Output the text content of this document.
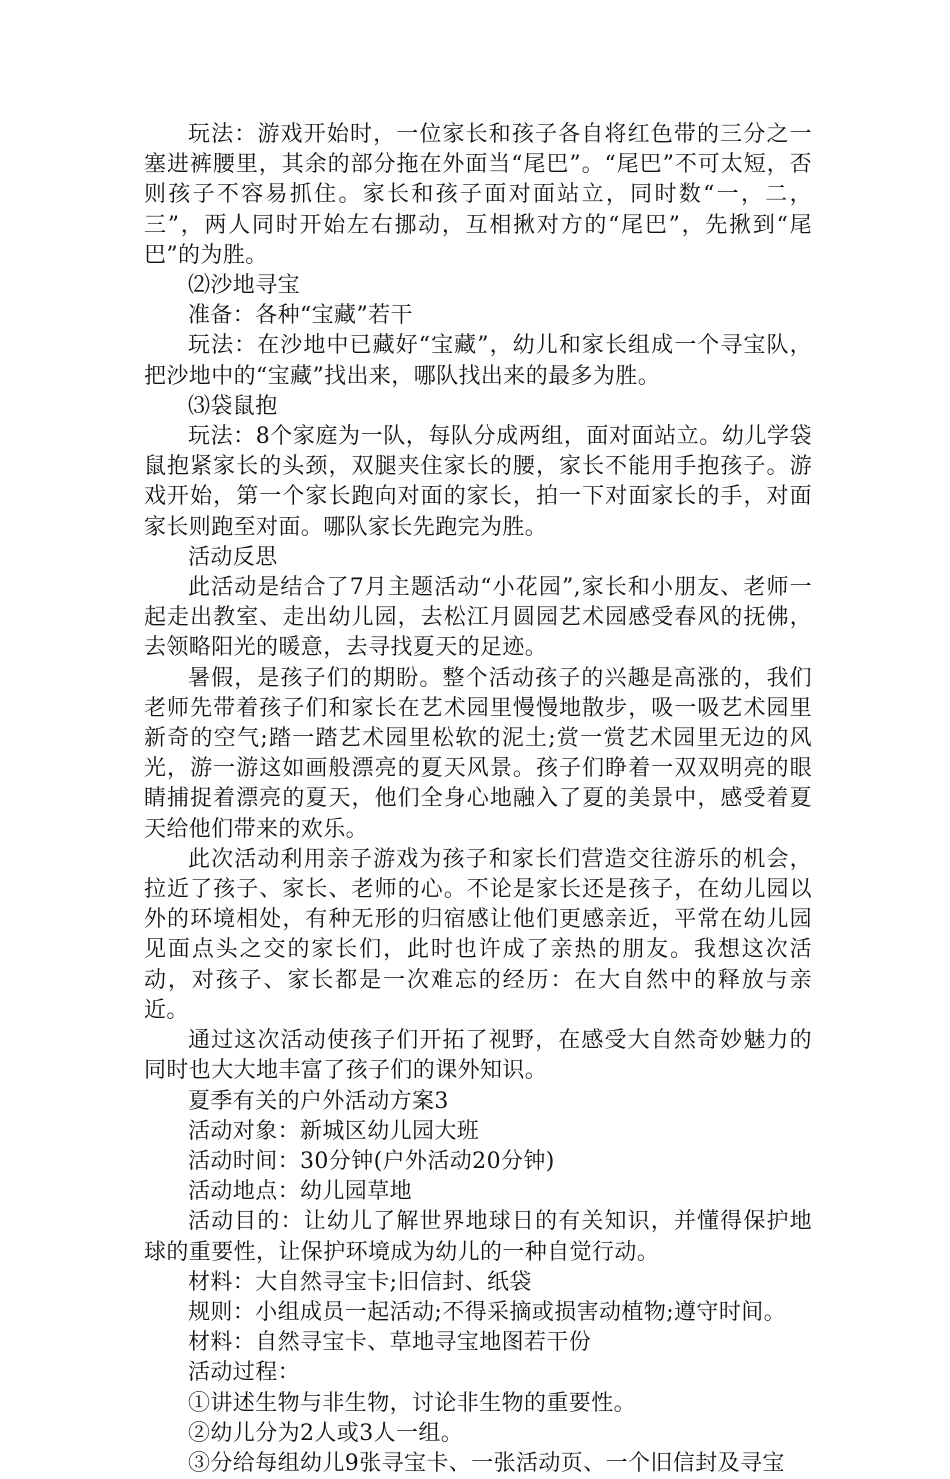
玩法：游戏开始时，一位家长和孩子各自将红色带的三分之一塞进裤腰里，其余的部分拖在外面当“尾巴”。“尾巴”不可太短，否则孩子不容易抓住。家长和孩子面对面站立，同时数“一，二，三”，两人同时开始左右挪动，互相揪对方的“尾巴”，先揪到“尾巴”的为胜。

⑵沙地寻宝

准备：各种“宝藏”若干

玩法：在沙地中已藏好“宝藏”，幼儿和家长组成一个寻宝队，把沙地中的“宝藏”找出来，哪队找出来的最多为胜。

⑶袋鼠抱

玩法：8个家庭为一队，每队分成两组，面对面站立。幼儿学袋鼠抱紧家长的头颈，双腿夹住家长的腰，家长不能用手抱孩子。游戏开始，第一个家长跑向对面的家长，拍一下对面家长的手，对面家长则跑至对面。哪队家长先跑完为胜。

活动反思

此活动是结合了7月主题活动“小花园”,家长和小朋友、老师一起走出教室、走出幼儿园，去松江月圆园艺术园感受春风的抚佛，去领略阳光的暖意，去寻找夏天的足迹。

暑假，是孩子们的期盼。整个活动孩子的兴趣是高涨的，我们老师先带着孩子们和家长在艺术园里慢慢地散步，吸一吸艺术园里新奇的空气;踏一踏艺术园里松软的泥土;赏一赏艺术园里无边的风光，游一游这如画般漂亮的夏天风景。孩子们睁着一双双明亮的眼睛捕捉着漂亮的夏天，他们全身心地融入了夏的美景中，感受着夏天给他们带来的欢乐。

此次活动利用亲子游戏为孩子和家长们营造交往游乐的机会，拉近了孩子、家长、老师的心。不论是家长还是孩子，在幼儿园以外的环境相处，有种无形的归宿感让他们更感亲近，平常在幼儿园见面点头之交的家长们，此时也许成了亲热的朋友。我想这次活动，对孩子、家长都是一次难忘的经历：在大自然中的释放与亲近。

通过这次活动使孩子们开拓了视野，在感受大自然奇妙魅力的同时也大大地丰富了孩子们的课外知识。

夏季有关的户外活动方案3

活动对象：新城区幼儿园大班

活动时间：30分钟(户外活动20分钟)

活动地点：幼儿园草地

活动目的：让幼儿了解世界地球日的有关知识，并懂得保护地球的重要性，让保护环境成为幼儿的一种自觉行动。

材料：大自然寻宝卡;旧信封、纸袋

规则：小组成员一起活动;不得采摘或损害动植物;遵守时间。

材料：自然寻宝卡、草地寻宝地图若干份

活动过程：

①讲述生物与非生物，讨论非生物的重要性。

②幼儿分为2人或3人一组。

③分给每组幼儿9张寻宝卡、一张活动页、一个旧信封及寻宝
